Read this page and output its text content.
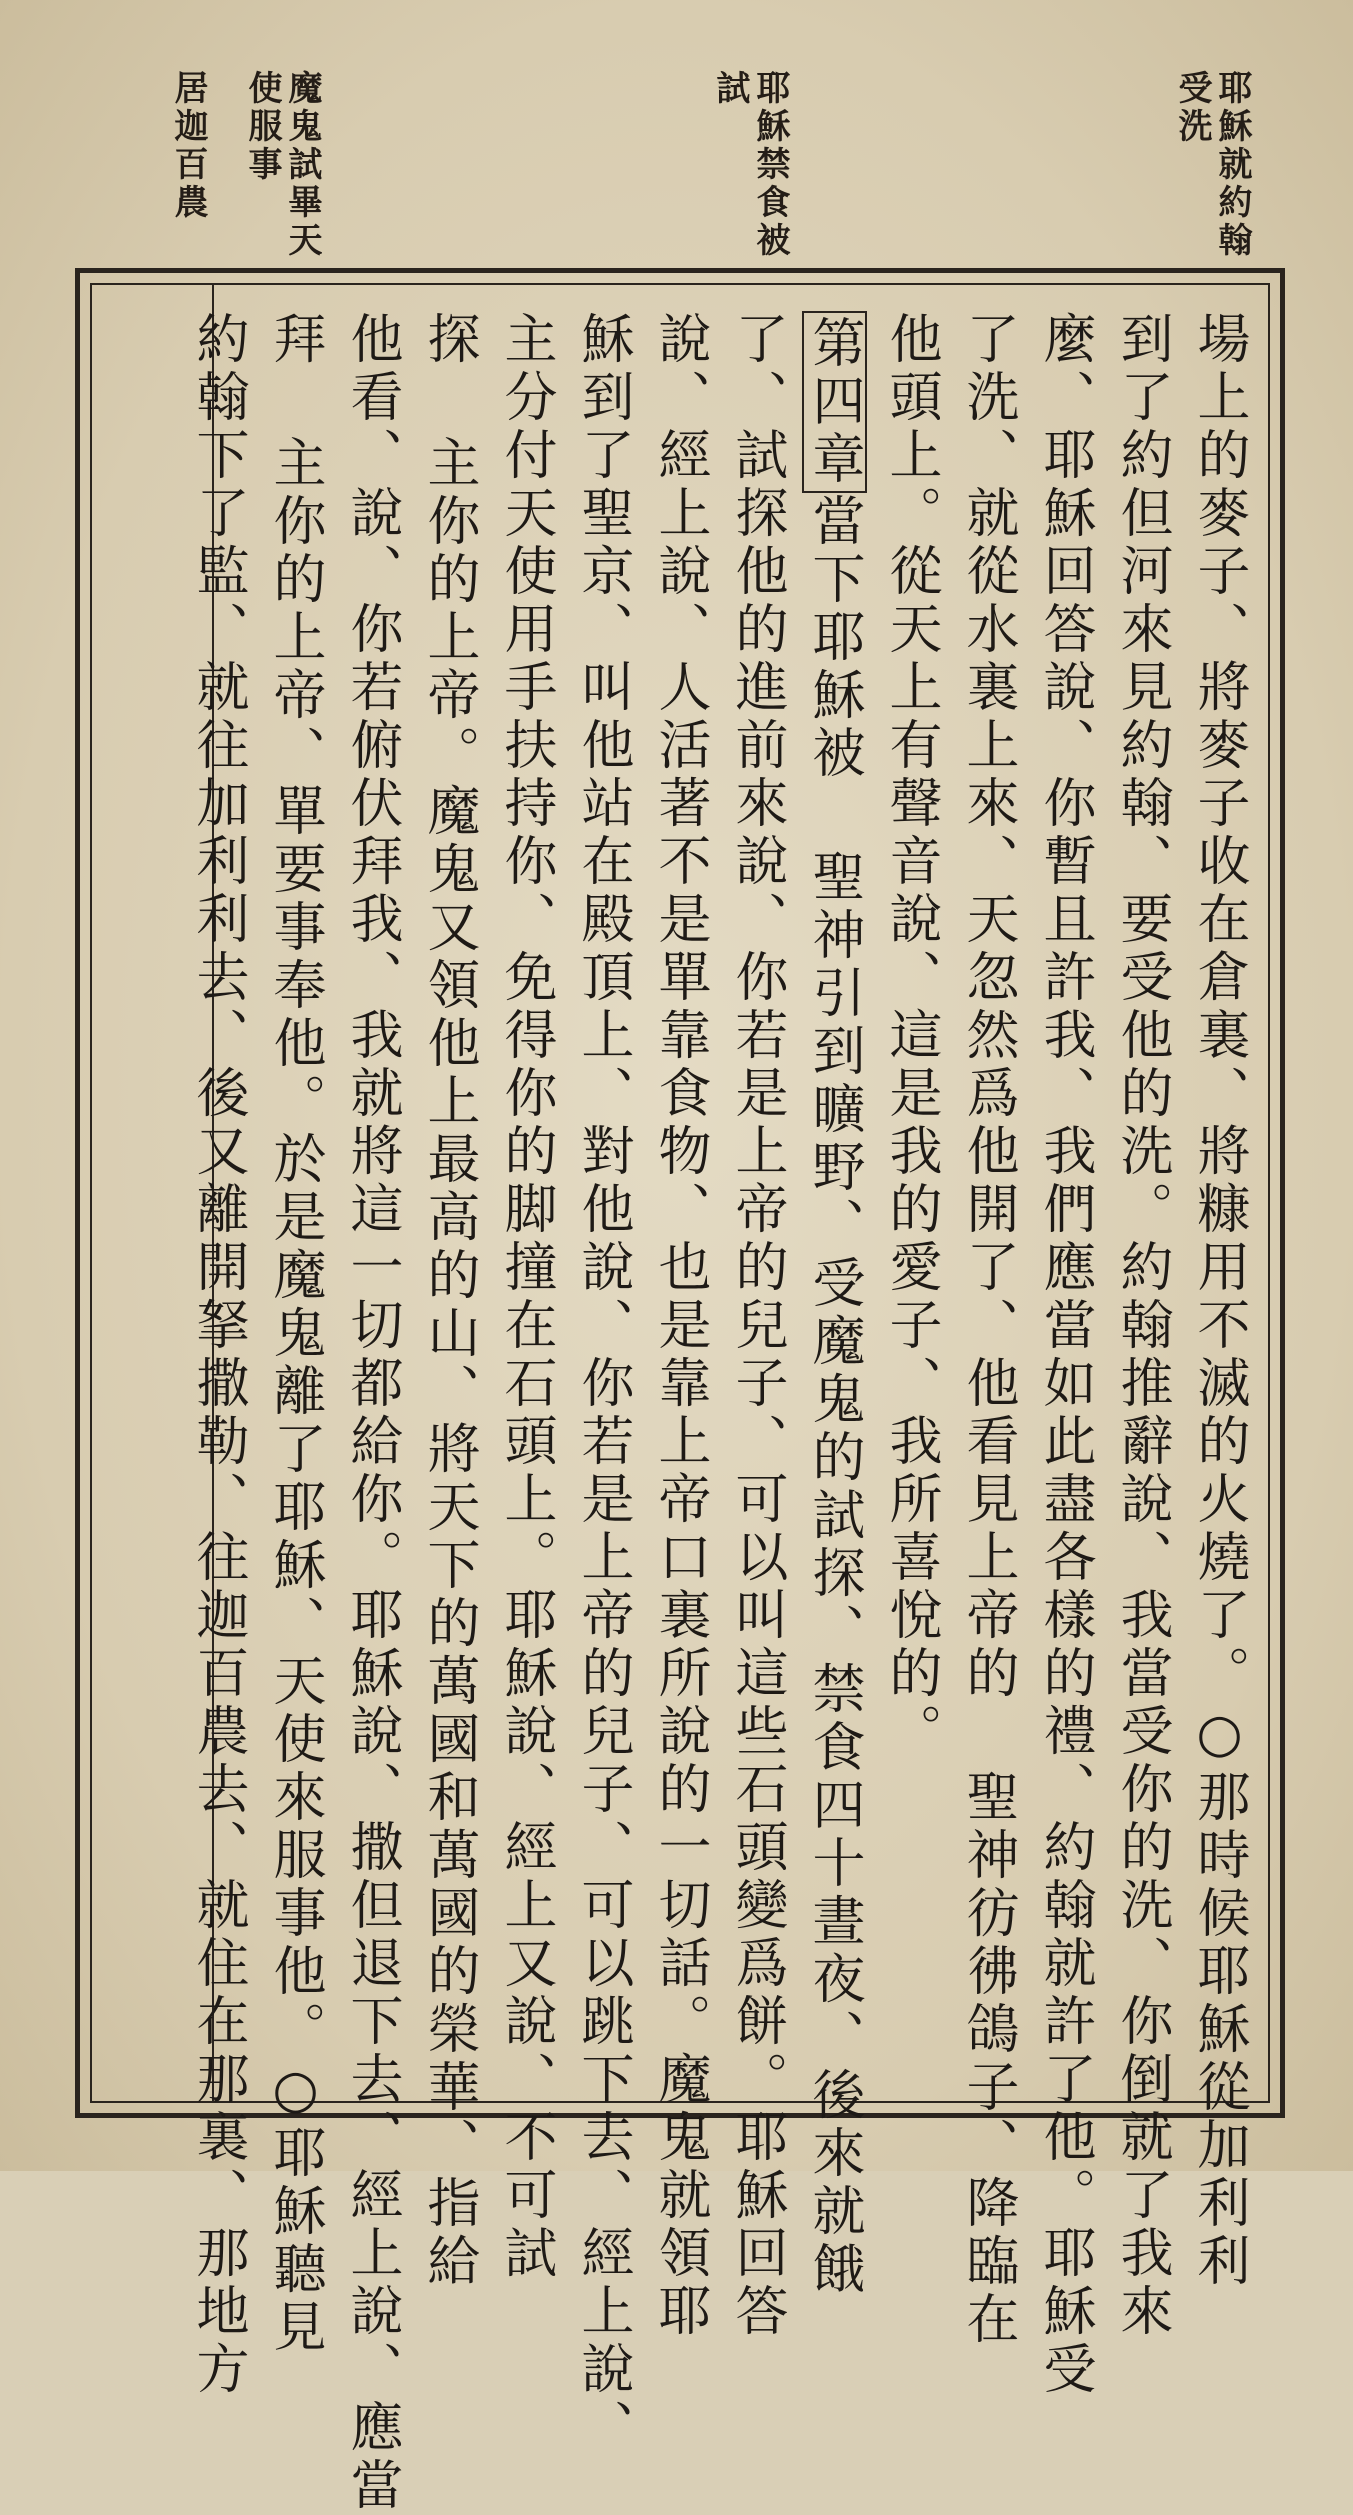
耶穌就約翰受洗
耶穌禁食被試
魔鬼試畢天使服事
居迦百農
場上的麥子、將麥子收在倉裏、將糠用不滅的火燒了。○那時候耶穌從加利利
到了約但河來見約翰、要受他的洗。約翰推辭說、我當受你的洗、你倒就了我來
麼、耶穌回答說、你暫且許我、我們應當如此盡各樣的禮、約翰就許了他。耶穌受
了洗、就從水裏上來、天忽然爲他開了、他看見上帝的 聖神彷彿鴿子、降臨在
他頭上。從天上有聲音說、這是我的愛子、我所喜悅的。
第四章當下耶穌被 聖神引到曠野、受魔鬼的試探、禁食四十晝夜、後來就餓
了、試探他的進前來說、你若是上帝的兒子、可以叫這些石頭變爲餅。耶穌回答
說、經上說、人活著不是單靠食物、也是靠上帝口裏所說的一切話。魔鬼就領耶
穌到了聖京、叫他站在殿頂上、對他說、你若是上帝的兒子、可以跳下去、經上說、
主分付天使用手扶持你、免得你的脚撞在石頭上。耶穌說、經上又說、不可試
探 主你的上帝。魔鬼又領他上最高的山、將天下的萬國和萬國的榮華、指給
他看、說、你若俯伏拜我、我就將這一切都給你。耶穌說、撒但退下去、經上說、應當
拜 主你的上帝、單要事奉他。於是魔鬼離了耶穌、天使來服事他。○耶穌聽見
約翰下了監、就往加利利去、後又離開拏撒勒、往迦百農去、就住在那裏、那地方
